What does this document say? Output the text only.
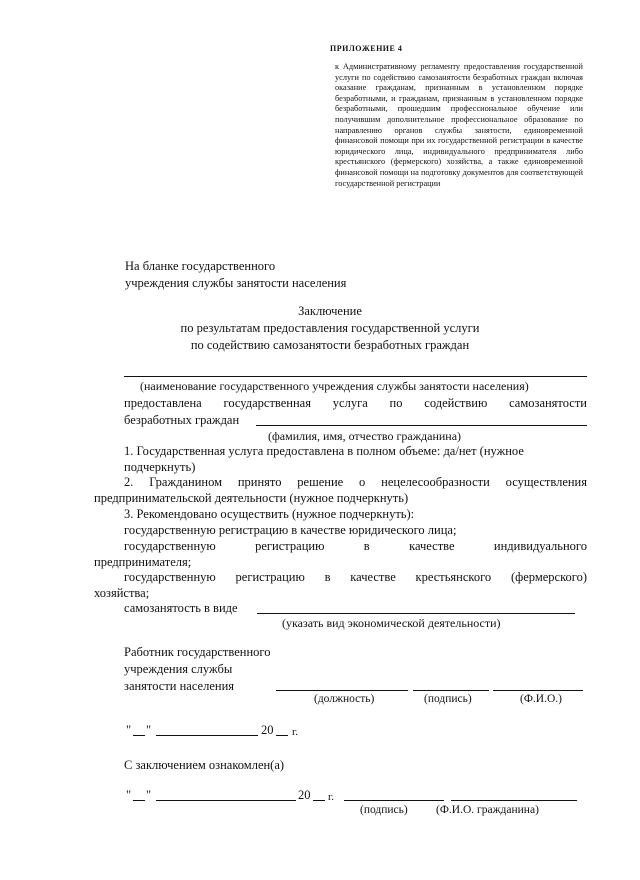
ПРИЛОЖЕНИЕ 4
к Административному регламенту предоставления государственной услуги по содействию самозанятости безработных граждан включая оказание гражданам, признанным в установленном порядке безработными, и гражданам, признанным в установленном порядке безработными, прошедшим профессиональное обучение или получившим дополнительное профессиональное образование по направлению органов службы занятости, единовременной финансовой помощи при их государственной регистрации в качестве юридического лица, индивидуального предпринимателя либо крестьянского (фермерского) хозяйства, а также единовременной финансовой помощи на подготовку документов для соответствующей государственной регистрации
На бланке государственного
учреждения службы занятости населения
Заключение
по результатам предоставления государственной услуги
по содействию самозанятости безработных граждан
(наименование государственного учреждения службы занятости населения)
предоставлена государственная услуга по содействию самозанятости
безработных граждан
(фамилия, имя, отчество гражданина)
1. Государственная услуга предоставлена в полном объеме: да/нет (нужное
подчеркнуть)
2. Гражданином принято решение о нецелесообразности осуществления
предпринимательской деятельности (нужное подчеркнуть)
3. Рекомендовано осуществить (нужное подчеркнуть):
государственную регистрацию в качестве юридического лица;
государственную регистрацию в качестве индивидуального
предпринимателя;
государственную регистрацию в качестве крестьянского (фермерского)
хозяйства;
самозанятость в виде
(указать вид экономической деятельности)
Работник государственного
учреждения службы
занятости населения
(должность)	(подпись)	(Ф.И.О.)
" "	20 г.
С заключением ознакомлен(а)
" "	20 г.
(подпись) (Ф.И.О. гражданина)
